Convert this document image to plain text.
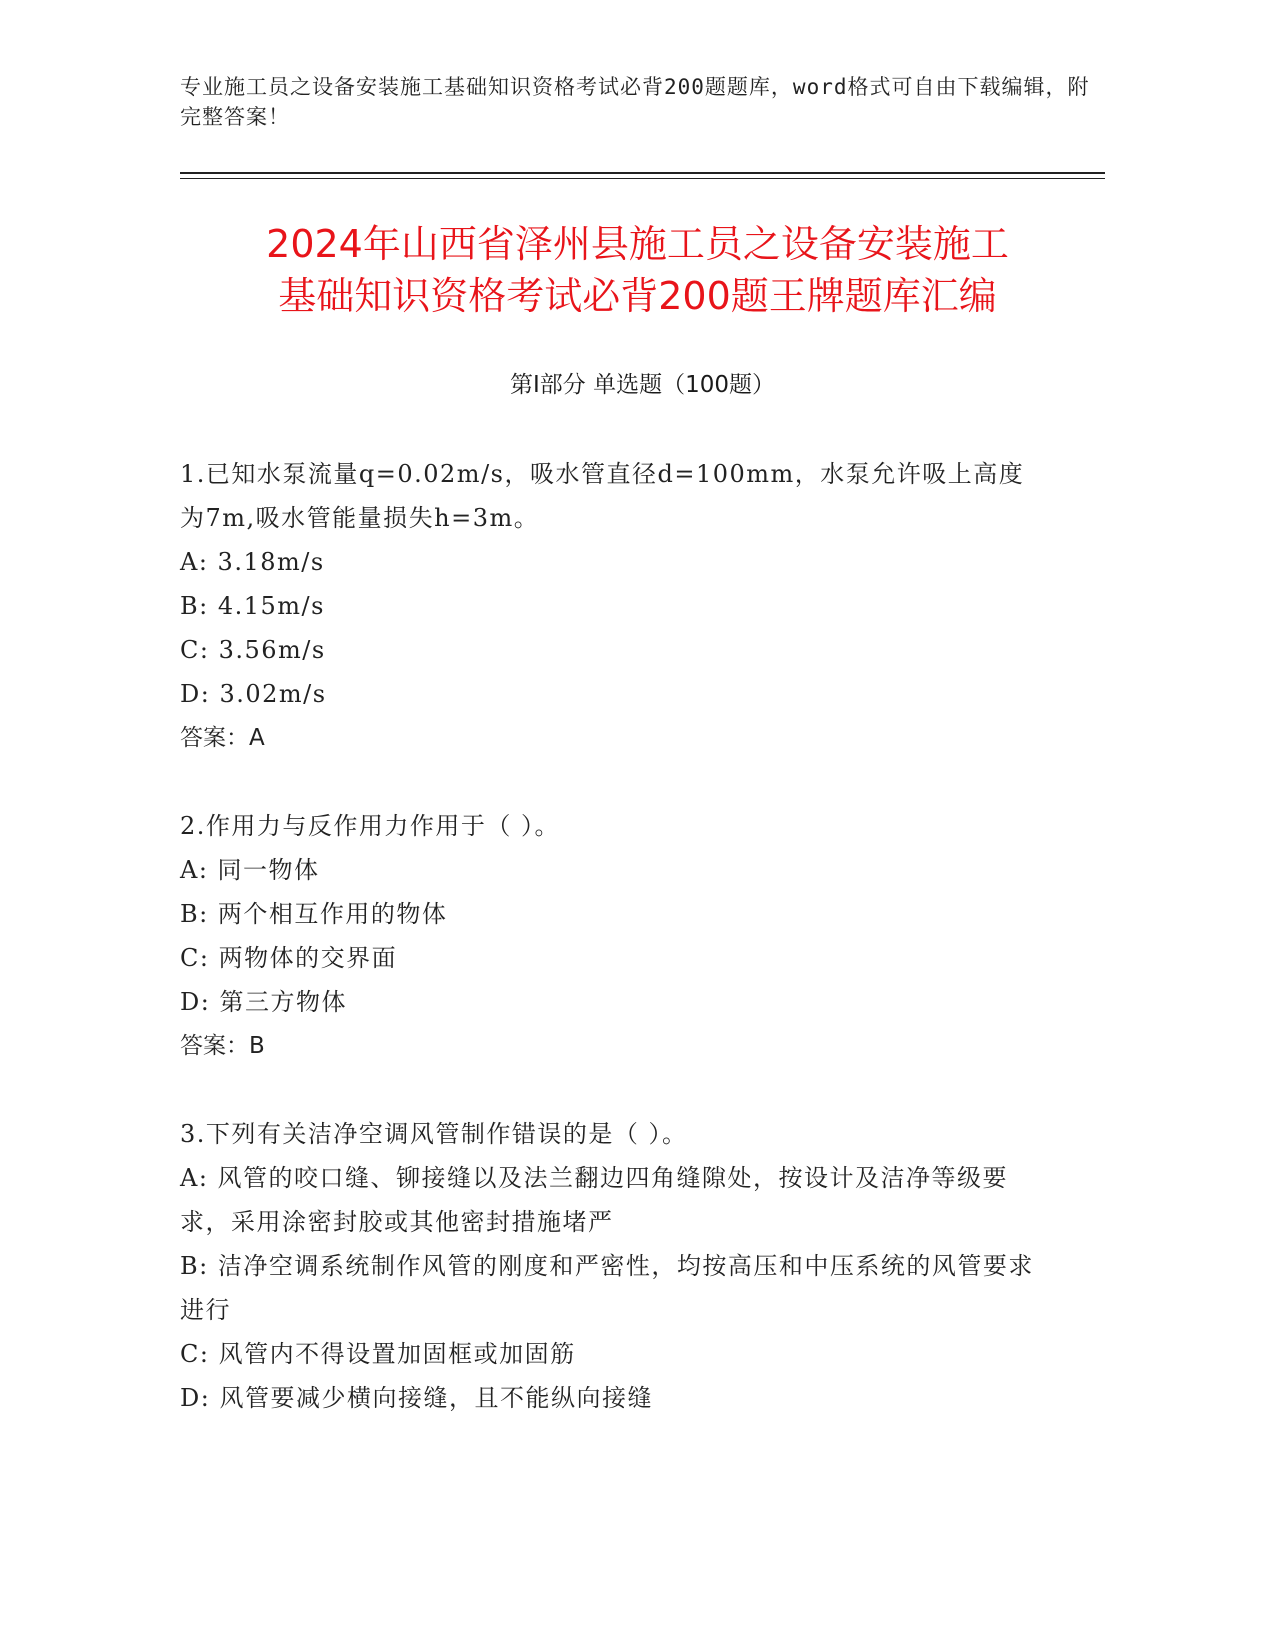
专业施工员之设备安装施工基础知识资格考试必背200题题库，word格式可自由下载编辑，附完整答案！
2024年山西省泽州县施工员之设备安装施工
基础知识资格考试必背200题王牌题库汇编
第I部分 单选题（100题）

1.已知水泵流量q=0.02m/s，吸水管直径d=100mm，水泵允许吸上高度为7m,吸水管能量损失h=3m。

A: 3.18m/s

B: 4.15m/s

C: 3.56m/s

D: 3.02m/s

答案：A

2.作用力与反作用力作用于（ ）。

A: 同一物体

B: 两个相互作用的物体

C: 两物体的交界面

D: 第三方物体

答案：B

3.下列有关洁净空调风管制作错误的是（ ）。

A: 风管的咬口缝、铆接缝以及法兰翻边四角缝隙处，按设计及洁净等级要求，采用涂密封胶或其他密封措施堵严

B: 洁净空调系统制作风管的刚度和严密性，均按高压和中压系统的风管要求进行

C: 风管内不得设置加固框或加固筋

D: 风管要减少横向接缝，且不能纵向接缝
